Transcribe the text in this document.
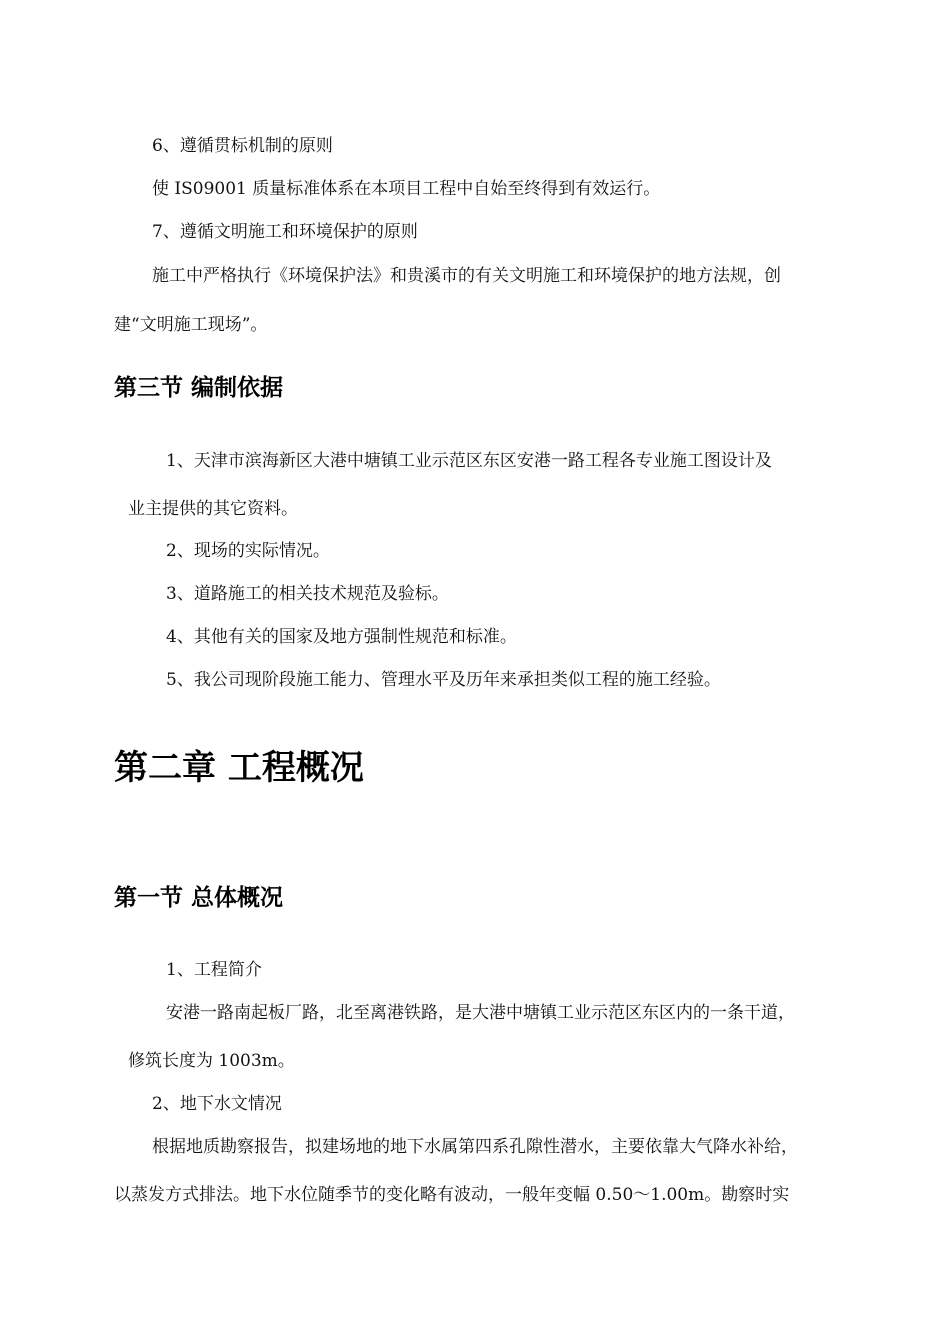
6、遵循贯标机制的原则
使 IS09001 质量标准体系在本项目工程中自始至终得到有效运行。
7、遵循文明施工和环境保护的原则
施工中严格执行《环境保护法》和贵溪市的有关文明施工和环境保护的地方法规，创
建“文明施工现场”。
第三节 编制依据
1、天津市滨海新区大港中塘镇工业示范区东区安港一路工程各专业施工图设计及
业主提供的其它资料。
2、现场的实际情况。
3、道路施工的相关技术规范及验标。
4、其他有关的国家及地方强制性规范和标准。
5、我公司现阶段施工能力、管理水平及历年来承担类似工程的施工经验。
第二章 工程概况
第一节 总体概况
1、工程简介
安港一路南起板厂路，北至离港铁路，是大港中塘镇工业示范区东区内的一条干道，
修筑长度为 1003m。
2、地下水文情况
根据地质勘察报告，拟建场地的地下水属第四系孔隙性潜水，主要依靠大气降水补给，
以蒸发方式排法。地下水位随季节的变化略有波动，一般年变幅 0.50～1.00m。勘察时实
